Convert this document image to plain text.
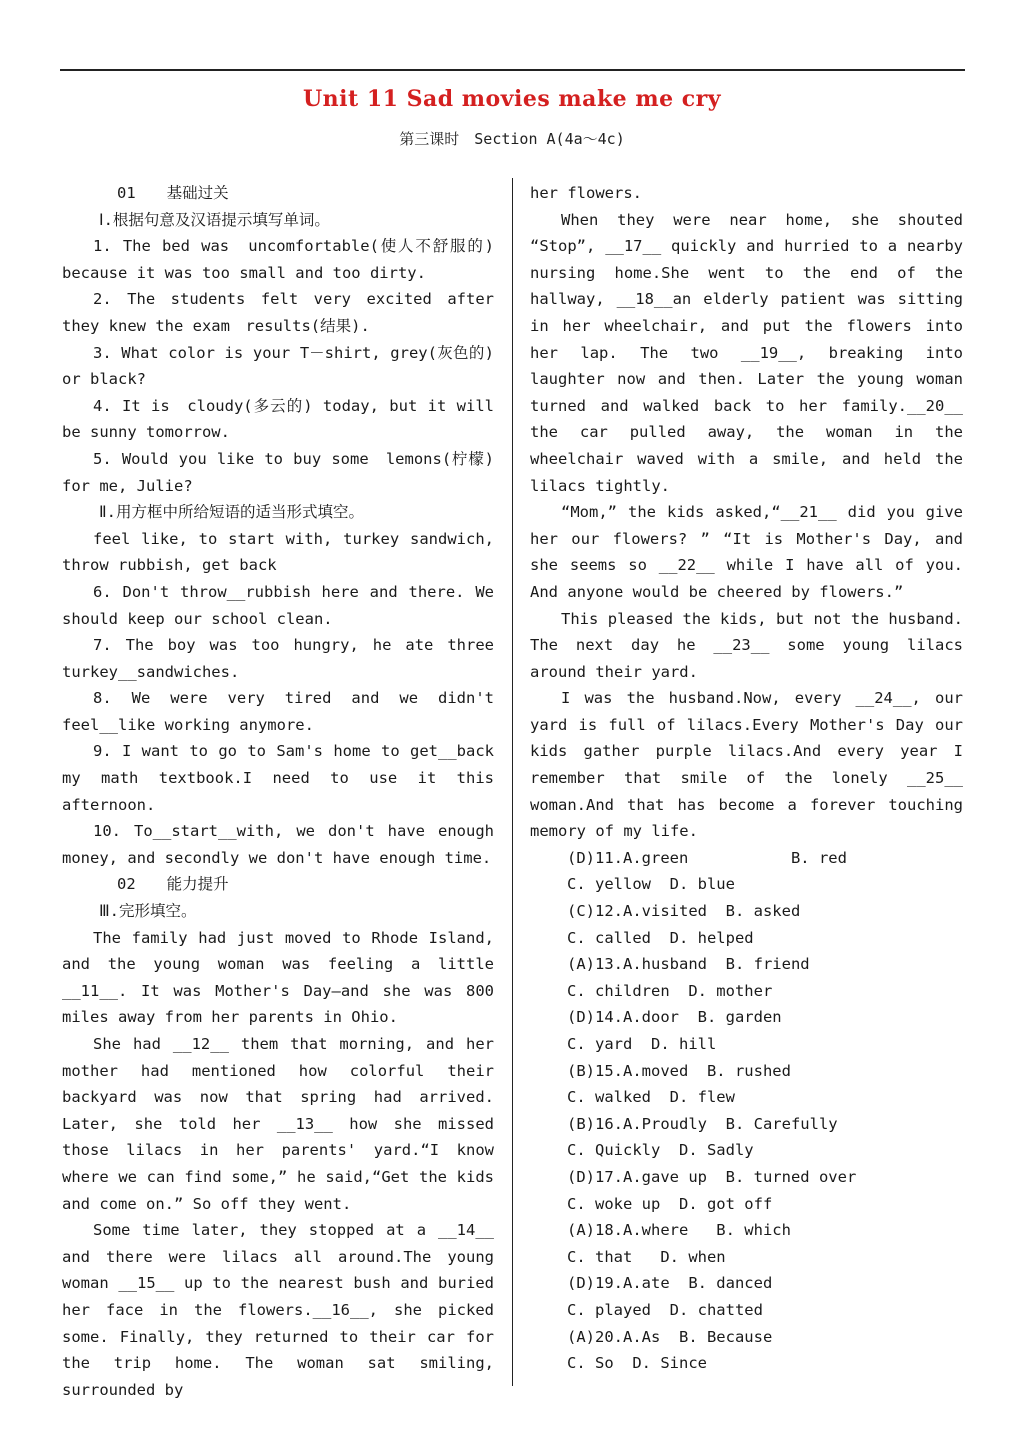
Unit 11 Sad movies make me cry
第三课时　Section A(4a～4c)

01　　基础过关

Ⅰ.根据句意及汉语提示填写单词。

1. The bed was　uncomfortable(使人不舒服的) because it was too small and too dirty.

2. The students felt very excited after they knew the exam　results(结果).

3. What color is your T－shirt, grey(灰色的) or black?

4. It is　cloudy(多云的) today, but it will be sunny tomorrow.

5. Would you like to buy some　lemons(柠檬) for me, Julie?

Ⅱ.用方框中所给短语的适当形式填空。

feel like, to start with, turkey sandwich, throw rubbish, get back

6. Don't throw__rubbish here and there. We should keep our school clean.

7. The boy was too hungry, he ate three turkey__sandwiches.

8. We were very tired and we didn't feel__like working anymore.

9. I want to go to Sam's home to get__back my math textbook.I need to use it this afternoon.

10. To__start__with, we don't have enough money, and secondly we don't have enough time.

02　　能力提升

Ⅲ.完形填空。

The family had just moved to Rhode Island, and the young woman was feeling a little __11__. It was Mother's Day—and she was 800 miles away from her parents in Ohio.

She had __12__ them that morning, and her mother had mentioned how colorful their backyard was now that spring had arrived. Later, she told her __13__ how she missed those lilacs in her parents' yard.“I know where we can find some,” he said,“Get the kids and come on.” So off they went.

Some time later, they stopped at a __14__ and there were lilacs all around.The young woman __15__ up to the nearest bush and buried her face in the flowers.__16__, she picked some. Finally, they returned to their car for the trip home. The woman sat smiling, surrounded by

her flowers.

When they were near home, she shouted “Stop”, __17__ quickly and hurried to a nearby nursing home.She went to the end of the hallway, __18__an elderly patient was sitting in her wheelchair, and put the flowers into her lap. The two __19__, breaking into laughter now and then. Later the young woman turned and walked back to her family.__20__ the car pulled away, the woman in the wheelchair waved with a smile, and held the lilacs tightly.

“Mom,” the kids asked,“__21__ did you give her our flowers? ” “It is Mother's Day, and she seems so __22__ while I have all of you. And anyone would be cheered by flowers.”

This pleased the kids, but not the husband. The next day he __23__ some young lilacs around their yard.

I was the husband.Now, every __24__, our yard is full of lilacs.Every Mother's Day our kids gather purple lilacs.And every year I remember that smile of the lonely __25__ woman.And that has become a forever touching memory of my life.

(D)11.A.green           B. red

C. yellow  D. blue

(C)12.A.visited  B. asked

C. called  D. helped

(A)13.A.husband  B. friend

C. children  D. mother

(D)14.A.door  B. garden

C. yard  D. hill

(B)15.A.moved  B. rushed

C. walked  D. flew

(B)16.A.Proudly  B. Carefully

C. Quickly  D. Sadly

(D)17.A.gave up  B. turned over

C. woke up  D. got off

(A)18.A.where   B. which

C. that   D. when

(D)19.A.ate  B. danced

C. played  D. chatted

(A)20.A.As  B. Because

C. So  D. Since
